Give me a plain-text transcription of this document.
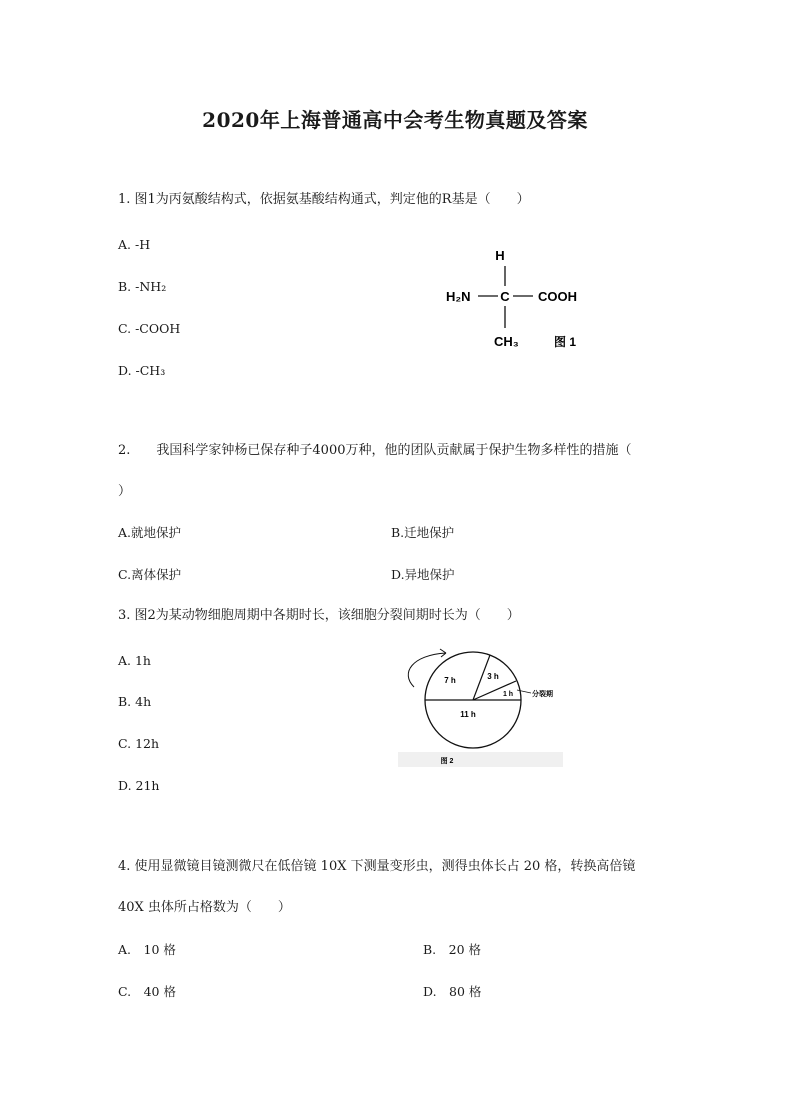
2020年上海普通高中会考生物真题及答案
1. 图1为丙氨酸结构式，依据氨基酸结构通式，判定他的R基是（　　）
A. -H
B. -NH₂
C. -COOH
D. -CH₃
H
H₂N C COOH
CH₃	图 1
2.　　我国科学家钟杨已保存种子4000万种，他的团队贡献属于保护生物多样性的措施（
）
A.就地保护	B.迁地保护
C.离体保护	D.异地保护
3. 图2为某动物细胞周期中各期时长，该细胞分裂间期时长为（　　）
A. 1h
B. 4h
C. 12h
D. 21h
7 h	3 h
1 h
11 h
分裂期
图 2
4. 使用显微镜目镜测微尺在低倍镜 10X 下测量变形虫，测得虫体长占 20 格，转换高倍镜
40X 虫体所占格数为（　　）
A.　10 格	B.　20 格
C.　40 格	D.　80 格
